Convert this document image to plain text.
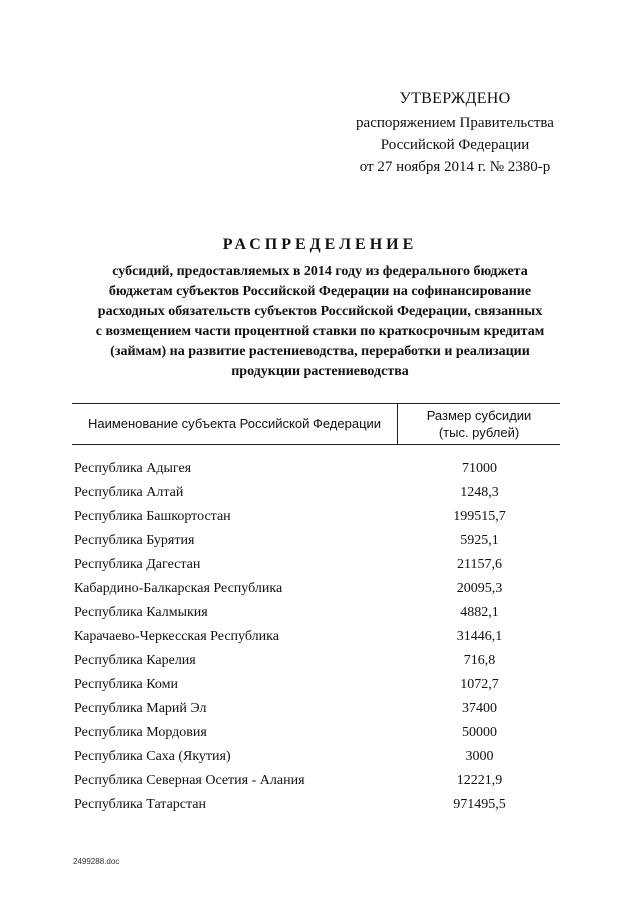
УТВЕРЖДЕНО
распоряжением Правительства
Российской Федерации
от 27 ноября 2014 г. № 2380-р
РАСПРЕДЕЛЕНИЕ
субсидий, предоставляемых в 2014 году из федерального бюджета
бюджетам субъектов Российской Федерации на софинансирование
расходных обязательств субъектов Российской Федерации, связанных
с возмещением части процентной ставки по краткосрочным кредитам
(займам) на развитие растениеводства, переработки и реализации
продукции растениеводства
Наименование субъекта Российской Федерации
Размер субсидии
(тыс. рублей)
Республика Адыгея	71000
Республика Алтай	1248,3
Республика Башкортостан	199515,7
Республика Бурятия	5925,1
Республика Дагестан	21157,6
Кабардино-Балкарская Республика	20095,3
Республика Калмыкия	4882,1
Карачаево-Черкесская Республика	31446,1
Республика Карелия	716,8
Республика Коми	1072,7
Республика Марий Эл	37400
Республика Мордовия	50000
Республика Саха (Якутия)	3000
Республика Северная Осетия - Алания	12221,9
Республика Татарстан	971495,5
2499288.doc
